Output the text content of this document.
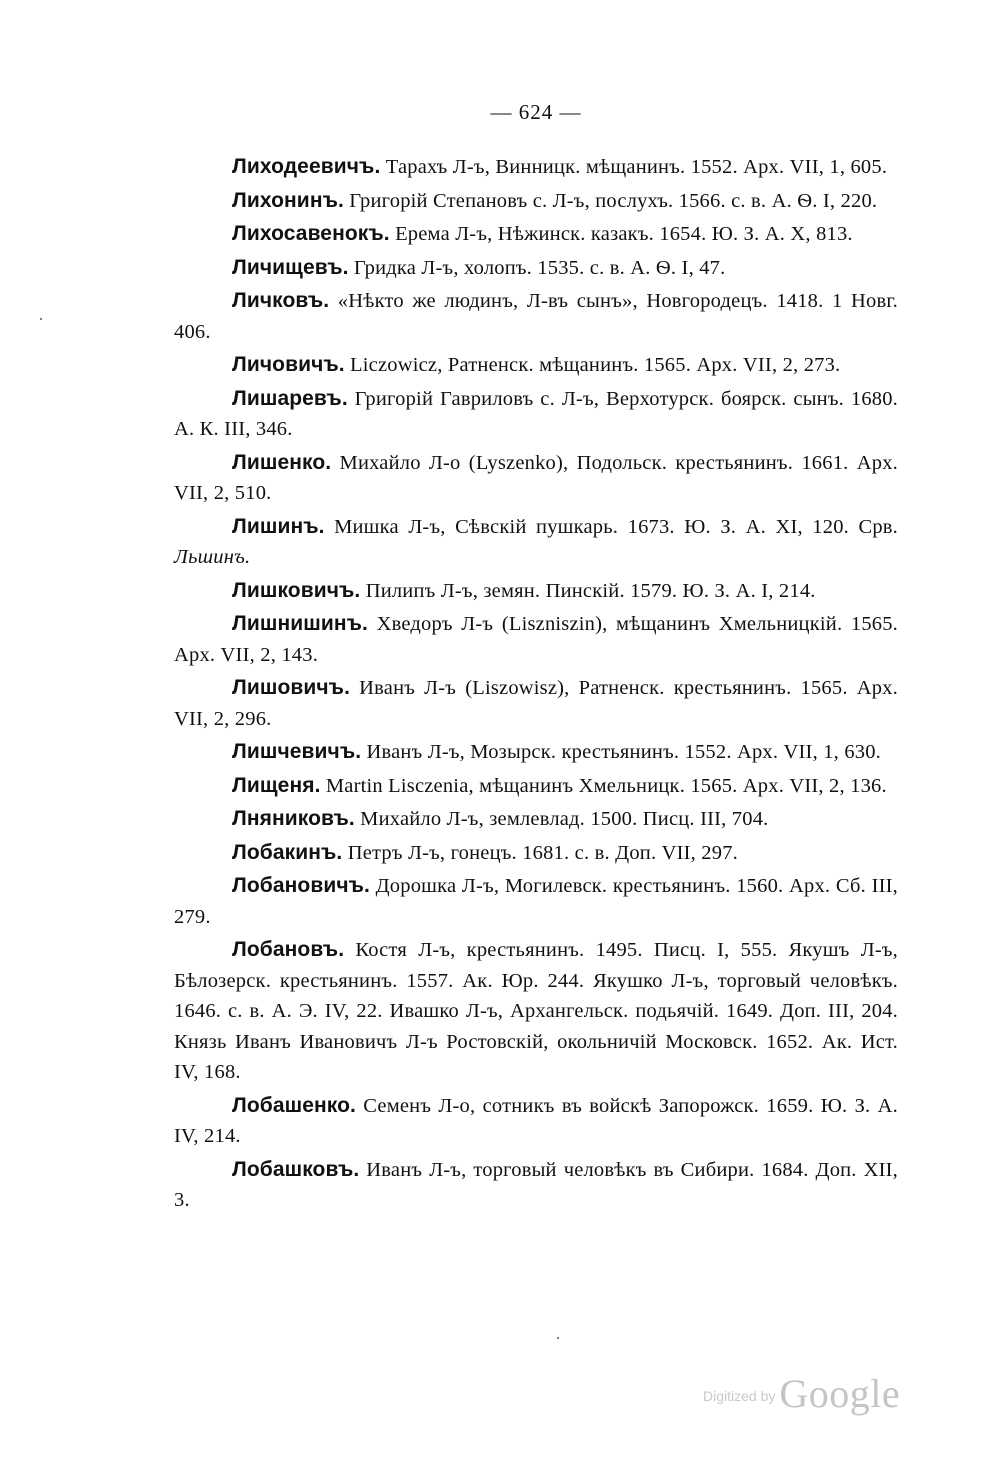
— 624 —

Лиходеевичъ. Тарахъ Л-ъ, Винницк. мѣщанинъ. 1552. Арх. VII, 1, 605.

Лихонинъ. Григорій Степановъ с. Л-ъ, послухъ. 1566. с. в. А. Ѳ. I, 220.

Лихосавенокъ. Ерема Л-ъ, Нѣжинск. казакъ. 1654. Ю. З. А. X, 813.

Личищевъ. Гридка Л-ъ, холопъ. 1535. с. в. А. Ѳ. I, 47.

Личковъ. «Нѣкто же людинъ, Л-въ сынъ», Новгородецъ. 1418. 1 Новг. 406.

Личовичъ. Liczowicz, Ратненск. мѣщанинъ. 1565. Арх. VII, 2, 273.

Лишаревъ. Григорій Гавриловъ с. Л-ъ, Верхотурск. боярск. сынъ. 1680. А. К. III, 346.

Лишенко. Михайло Л-о (Lyszenko), Подольск. крестьянинъ. 1661. Арх. VII, 2, 510.

Лишинъ. Мишка Л-ъ, Сѣвскій пушкарь. 1673. Ю. З. А. XI, 120. Срв. Льшинъ.

Лишковичъ. Пилипъ Л-ъ, земян. Пинскій. 1579. Ю. З. А. I, 214.

Лишнишинъ. Хведоръ Л-ъ (Liszniszin), мѣщанинъ Хмельницкій. 1565. Арх. VII, 2, 143.

Лишовичъ. Иванъ Л-ъ (Liszowisz), Ратненск. крестьянинъ. 1565. Арх. VII, 2, 296.

Лишчевичъ. Иванъ Л-ъ, Мозырск. крестьянинъ. 1552. Арх. VII, 1, 630.

Лищеня. Martin Lisczenia, мѣщанинъ Хмельницк. 1565. Арх. VII, 2, 136.

Лняниковъ. Михайло Л-ъ, землевлад. 1500. Писц. III, 704.

Лобакинъ. Петръ Л-ъ, гонецъ. 1681. с. в. Доп. VII, 297.

Лобановичъ. Дорошка Л-ъ, Могилевск. крестьянинъ. 1560. Арх. Сб. III, 279.

Лобановъ. Костя Л-ъ, крестьянинъ. 1495. Писц. I, 555. Якушъ Л-ъ, Бѣлозерск. крестьянинъ. 1557. Ак. Юр. 244. Якушко Л-ъ, торговый человѣкъ. 1646. с. в. А. Э. IV, 22. Ивашко Л-ъ, Архангельск. подьячій. 1649. Доп. III, 204. Князь Иванъ Ивановичъ Л-ъ Ростовскій, окольничій Московск. 1652. Ак. Ист. IV, 168.

Лобашенко. Семенъ Л-о, сотникъ въ войскѣ Запорожск. 1659. Ю. З. А. IV, 214.

Лобашковъ. Иванъ Л-ъ, торговый человѣкъ въ Сибири. 1684. Доп. XII, 3.

Digitized by Google
